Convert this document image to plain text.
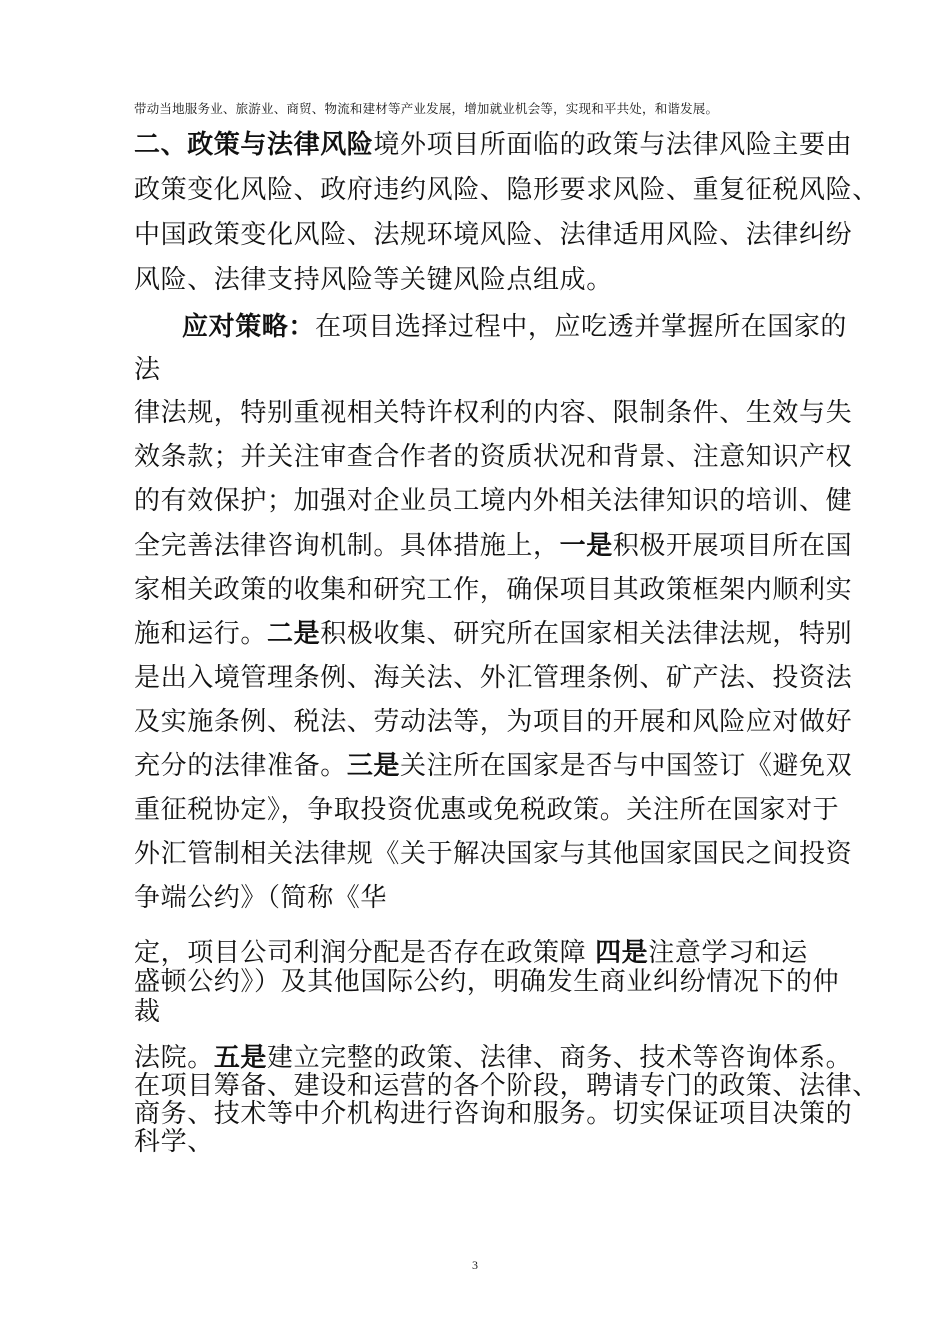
带动当地服务业、旅游业、商贸、物流和建材等产业发展，增加就业机会等，实现和平共处，和谐发展。
二、政策与法律风险境外项目所面临的政策与法律风险主要由
政策变化风险、政府违约风险、隐形要求风险、重复征税风险、
中国政策变化风险、法规环境风险、法律适用风险、法律纠纷
风险、法律支持风险等关键风险点组成。
应对策略：在项目选择过程中，应吃透并掌握所在国家的
法
律法规，特别重视相关特许权利的内容、限制条件、生效与失
效条款；并关注审查合作者的资质状况和背景、注意知识产权
的有效保护；加强对企业员工境内外相关法律知识的培训、健
全完善法律咨询机制。具体措施上，一是积极开展项目所在国
家相关政策的收集和研究工作，确保项目其政策框架内顺利实
施和运行。二是积极收集、研究所在国家相关法律法规，特别
是出入境管理条例、海关法、外汇管理条例、矿产法、投资法
及实施条例、税法、劳动法等，为项目的开展和风险应对做好
充分的法律准备。三是关注所在国家是否与中国签订《避免双
重征税协定》，争取投资优惠或免税政策。关注所在国家对于
外汇管制相关法律规《关于解决国家与其他国家国民之间投资
争端公约》（简称《华
定，项目公司利润分配是否存在政策障 四是注意学习和运
盛顿公约》）及其他国际公约，明确发生商业纠纷情况下的仲
裁
法院。五是建立完整的政策、法律、商务、技术等咨询体系。
在项目筹备、建设和运营的各个阶段，聘请专门的政策、法律、
商务、技术等中介机构进行咨询和服务。切实保证项目决策的
科学、
3
